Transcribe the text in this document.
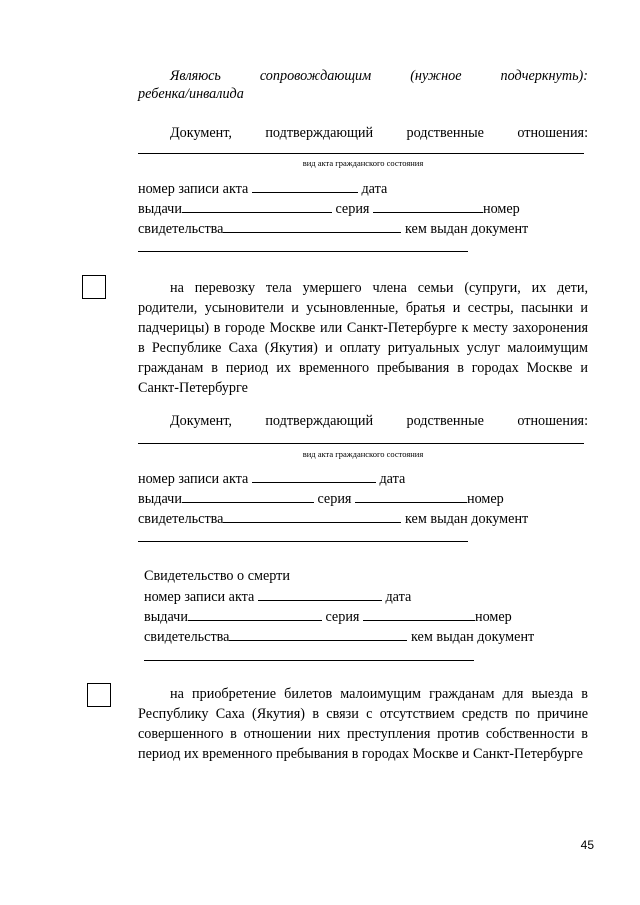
Являюсь	сопровождающим	(нужное	подчеркнуть):
ребенка/инвалида
Документ, подтверждающий родственные отношения:
вид акта гражданского состояния
номер записи акта	дата
выдачи	серия	номер
свидетельства	кем выдан документ
на перевозку тела умершего члена семьи (супруги, их дети, родители, усыновители и усыновленные, братья и сестры, пасынки и падчерицы) в городе Москве или Санкт-Петербурге к месту захоронения в Республике Саха (Якутия) и оплату ритуальных услуг малоимущим гражданам в период их временного пребывания в городах Москве и Санкт-Петербурге
Документ, подтверждающий родственные отношения:
вид акта гражданского состояния
номер записи акта	дата
выдачи	серия	номер
свидетельства	кем выдан документ
Свидетельство о смерти
номер записи акта	дата
выдачи	серия	номер
свидетельства	кем выдан документ
на приобретение билетов малоимущим гражданам для выезда в Республику Саха (Якутия) в связи с отсутствием средств по причине совершенного в отношении них преступления против собственности в период их временного пребывания в городах Москве и Санкт-Петербурге
45
